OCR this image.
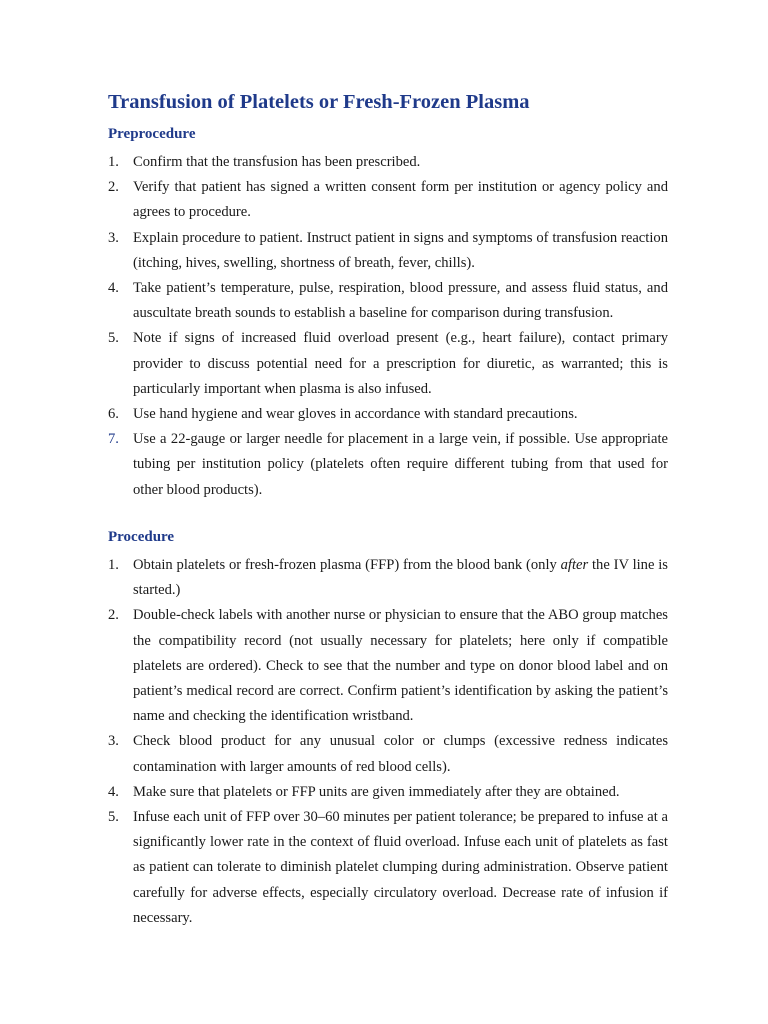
Transfusion of Platelets or Fresh-Frozen Plasma
Preprocedure
1. Confirm that the transfusion has been prescribed.
2. Verify that patient has signed a written consent form per institution or agency policy and agrees to procedure.
3. Explain procedure to patient. Instruct patient in signs and symptoms of transfusion reaction (itching, hives, swelling, shortness of breath, fever, chills).
4. Take patient’s temperature, pulse, respiration, blood pressure, and assess fluid status, and auscultate breath sounds to establish a baseline for comparison during transfusion.
5. Note if signs of increased fluid overload present (e.g., heart failure), contact primary provider to discuss potential need for a prescription for diuretic, as warranted; this is particularly important when plasma is also infused.
6. Use hand hygiene and wear gloves in accordance with standard precautions.
7. Use a 22-gauge or larger needle for placement in a large vein, if possible. Use appropriate tubing per institution policy (platelets often require different tubing from that used for other blood products).
Procedure
1. Obtain platelets or fresh-frozen plasma (FFP) from the blood bank (only after the IV line is started.)
2. Double-check labels with another nurse or physician to ensure that the ABO group matches the compatibility record (not usually necessary for platelets; here only if compatible platelets are ordered). Check to see that the number and type on donor blood label and on patient’s medical record are correct. Confirm patient’s identification by asking the patient’s name and checking the identification wristband.
3. Check blood product for any unusual color or clumps (excessive redness indicates contamination with larger amounts of red blood cells).
4. Make sure that platelets or FFP units are given immediately after they are obtained.
5. Infuse each unit of FFP over 30–60 minutes per patient tolerance; be prepared to infuse at a significantly lower rate in the context of fluid overload. Infuse each unit of platelets as fast as patient can tolerate to diminish platelet clumping during administration. Observe patient carefully for adverse effects, especially circulatory overload. Decrease rate of infusion if necessary.
